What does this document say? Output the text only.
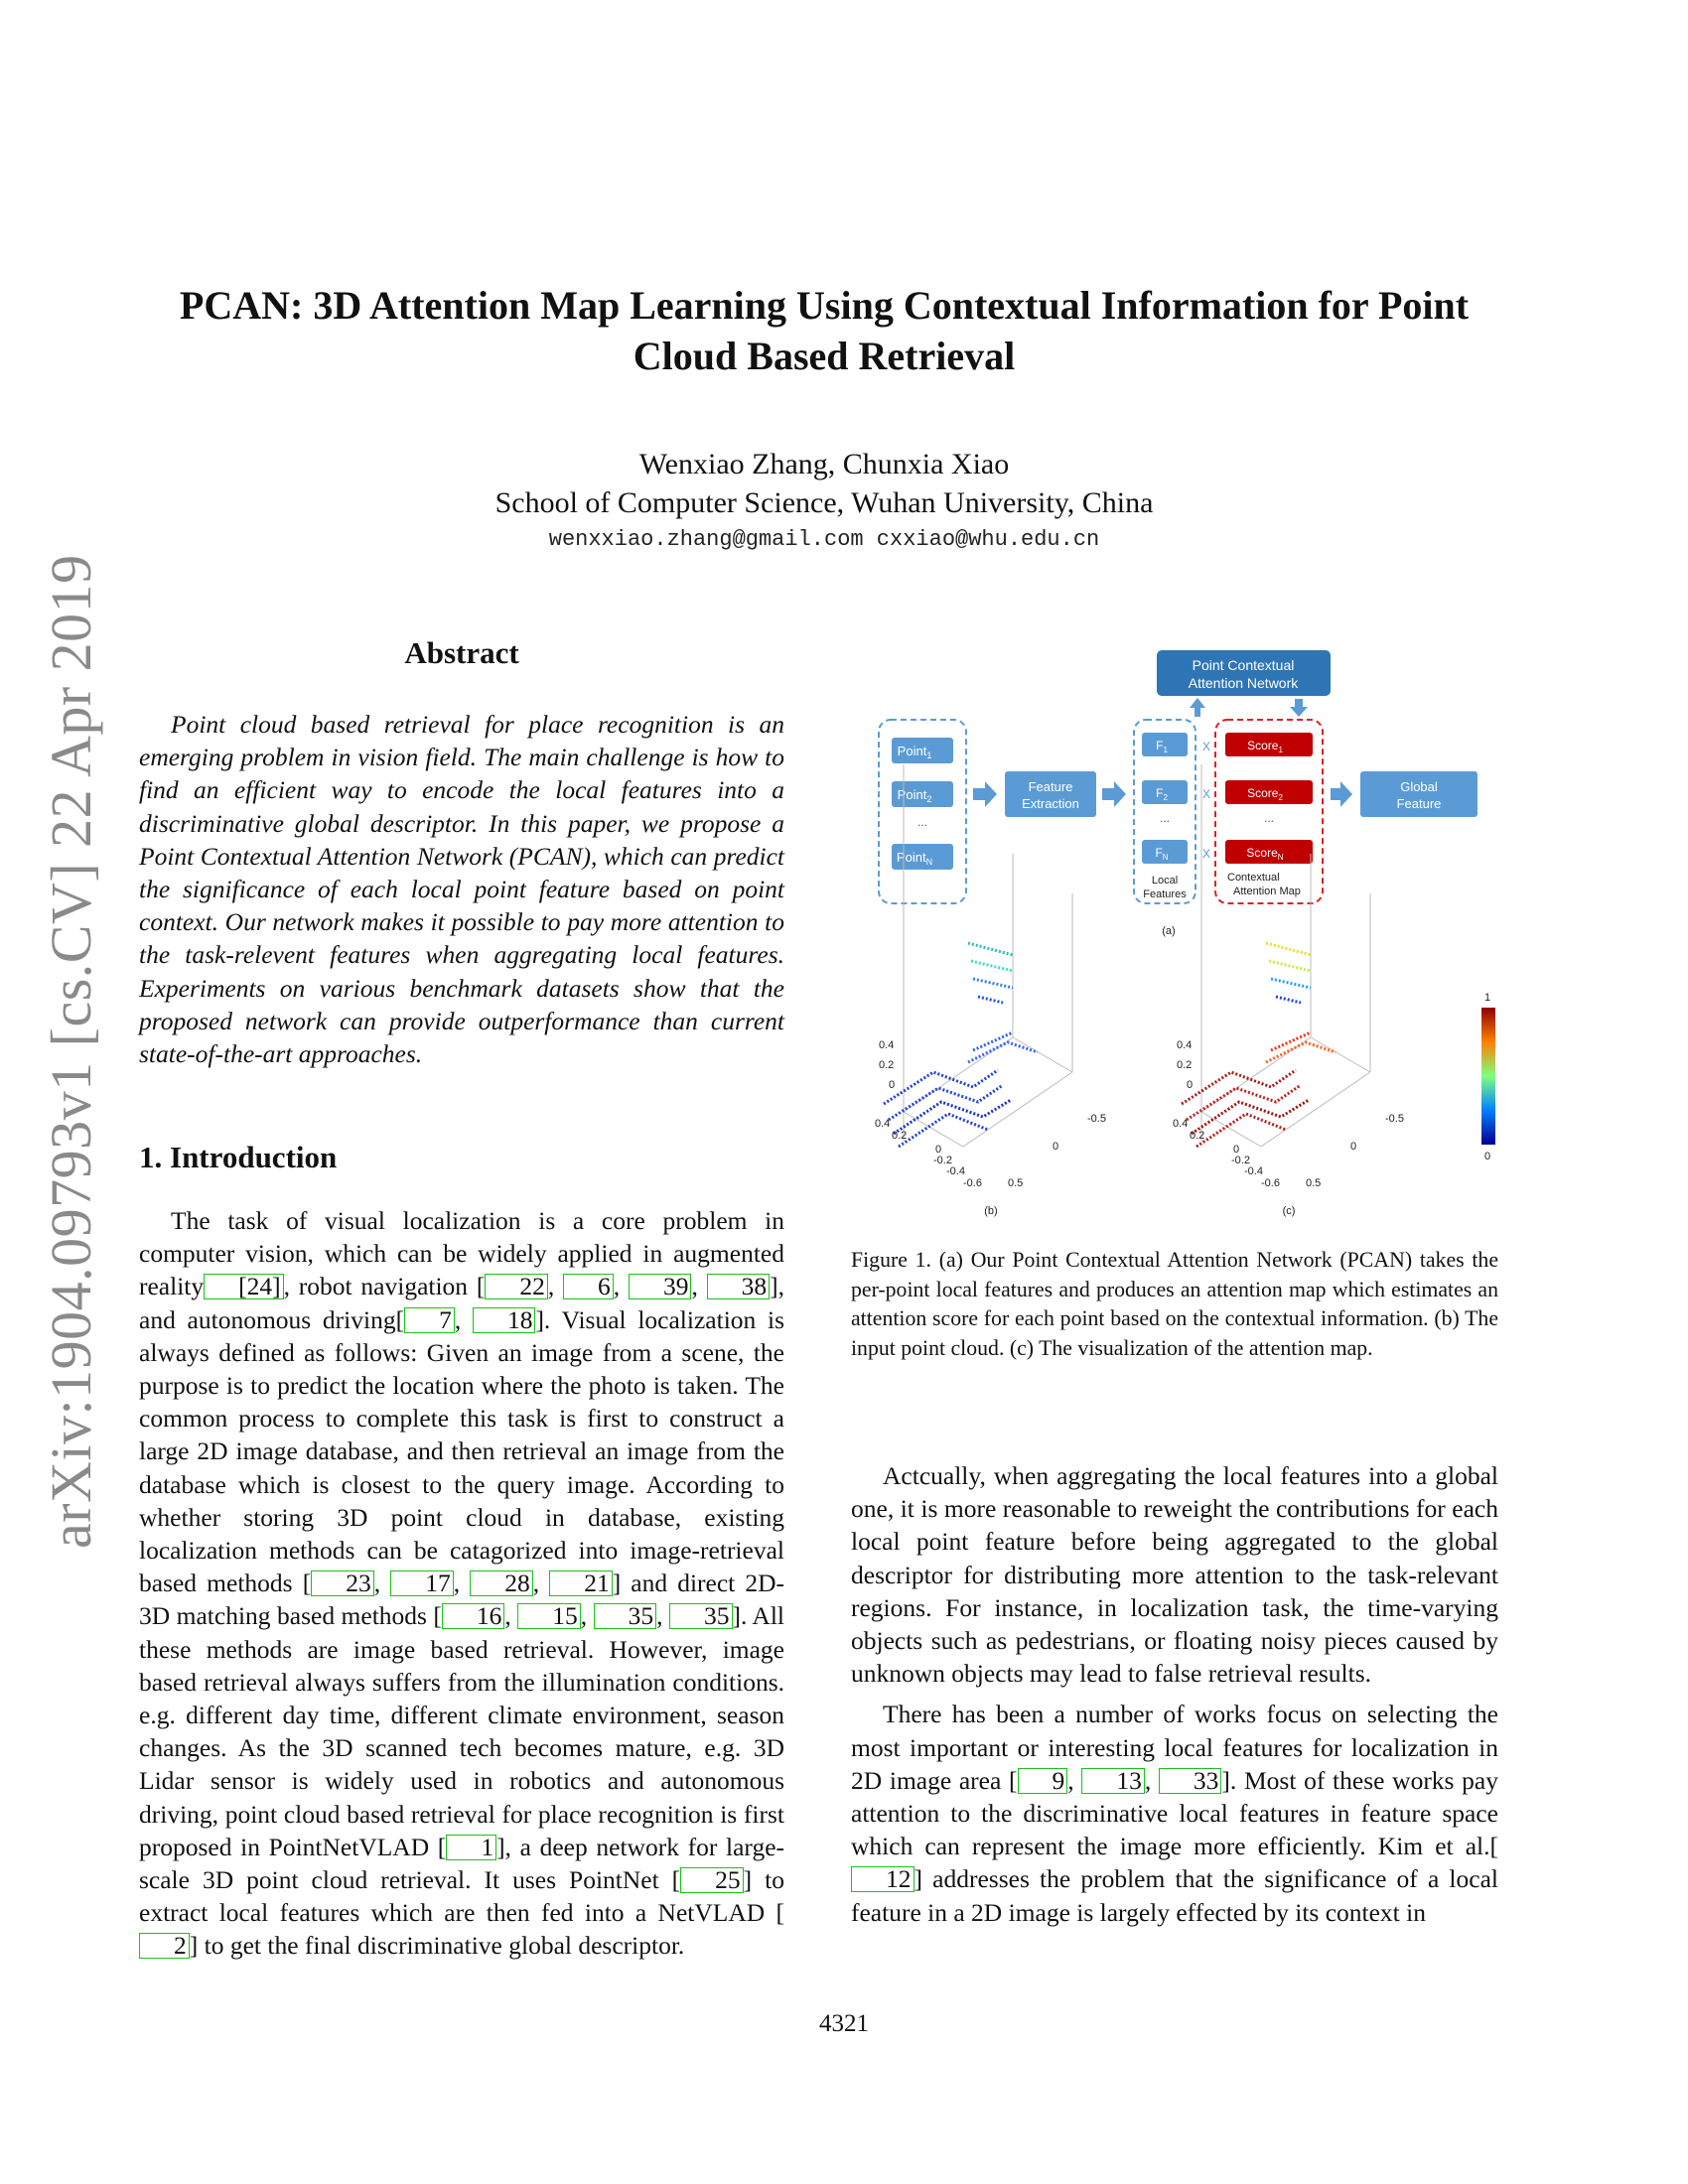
PCAN: 3D Attention Map Learning Using Contextual Information for Point
Cloud Based Retrieval
Wenxiao Zhang, Chunxia Xiao
School of Computer Science, Wuhan University, China
wenxxiao.zhang@gmail.com cxxiao@whu.edu.cn
arXiv:1904.09793v1 [cs.CV] 22 Apr 2019	Abstract
Point cloud based retrieval for place recognition is an emerging problem in vision field. The main challenge is how to find an efficient way to encode the local features into a discriminative global descriptor. In this paper, we propose a Point Contextual Attention Network (PCAN), which can predict the significance of each local point feature based on point context. Our network makes it possible to pay more attention to the task-relevent features when aggregating local features. Experiments on various benchmark datasets show that the proposed network can provide outperformance than current state-of-the-art approaches.
1. Introduction

The task of visual localization is a core problem in computer vision, which can be widely applied in augmented reality [24] , robot navigation [ 22 , 6 , 39 , 38 ], and autonomous driving[ 7 , 18 ]. Visual localization is always defined as follows: Given an image from a scene, the purpose is to predict the location where the photo is taken. The common process to complete this task is first to construct a large 2D image database, and then retrieval an image from the database which is closest to the query image. According to whether storing 3D point cloud in database, existing localization methods can be catagorized into image-retrieval based methods [ 23 , 17 , 28 , 21 ] and direct 2D-3D matching based methods [ 16 , 15 , 35 , 35 ]. All these methods are image based retrieval. However, image based retrieval always suffers from the illumination conditions. e.g. different day time, different climate environment, season changes. As the 3D scanned tech becomes mature, e.g. 3D Lidar sensor is widely used in robotics and autonomous driving, point cloud based retrieval for place recognition is first proposed in PointNetVLAD [ 1 ], a deep network for large-scale 3D point cloud retrieval. It uses PointNet [ 25 ] to extract local features which are then fed into a NetVLAD [2 ] to get the final discriminative global descriptor.

Point Contextual
Attention Network
Point$_1$
Point$_2$
...
Point$_N$
Feature
Extraction
$F_1$
$F_2$
...
$F_N$
Local
Features
X
X
X
Score$_1$
Score$_2$
...
Score$_N$
Contextual
Attention Map
Global
Feature
(a)
0.4
0.2
0
0.4
0.2
0
-0.2
-0.4
-0.6 0.5
0
-0.5
(b)
0.4
0.2
0
0.4
0.2
0
-0.2
-0.4
-0.6 0.5
0
-0.5
(c)
1
0
Figure 1. (a) Our Point Contextual Attention Network (PCAN) takes the per-point local features and produces an attention map which estimates an attention score for each point based on the contextual information. (b) The input point cloud. (c) The visualization of the attention map.

Actcually, when aggregating the local features into a global one, it is more reasonable to reweight the contributions for each local point feature before being aggregated to the global descriptor for distributing more attention to the task-relevant regions. For instance, in localization task, the time-varying objects such as pedestrians, or floating noisy pieces caused by unknown objects may lead to false retrieval results.

There has been a number of works focus on selecting the most important or interesting local features for localization in 2D image area [ 9 , 13 , 33 ]. Most of these works pay attention to the discriminative local features in feature space which can represent the image more efficiently. Kim et al.[12 ] addresses the problem that the significance of a local feature in a 2D image is largely effected by its context in

4321
